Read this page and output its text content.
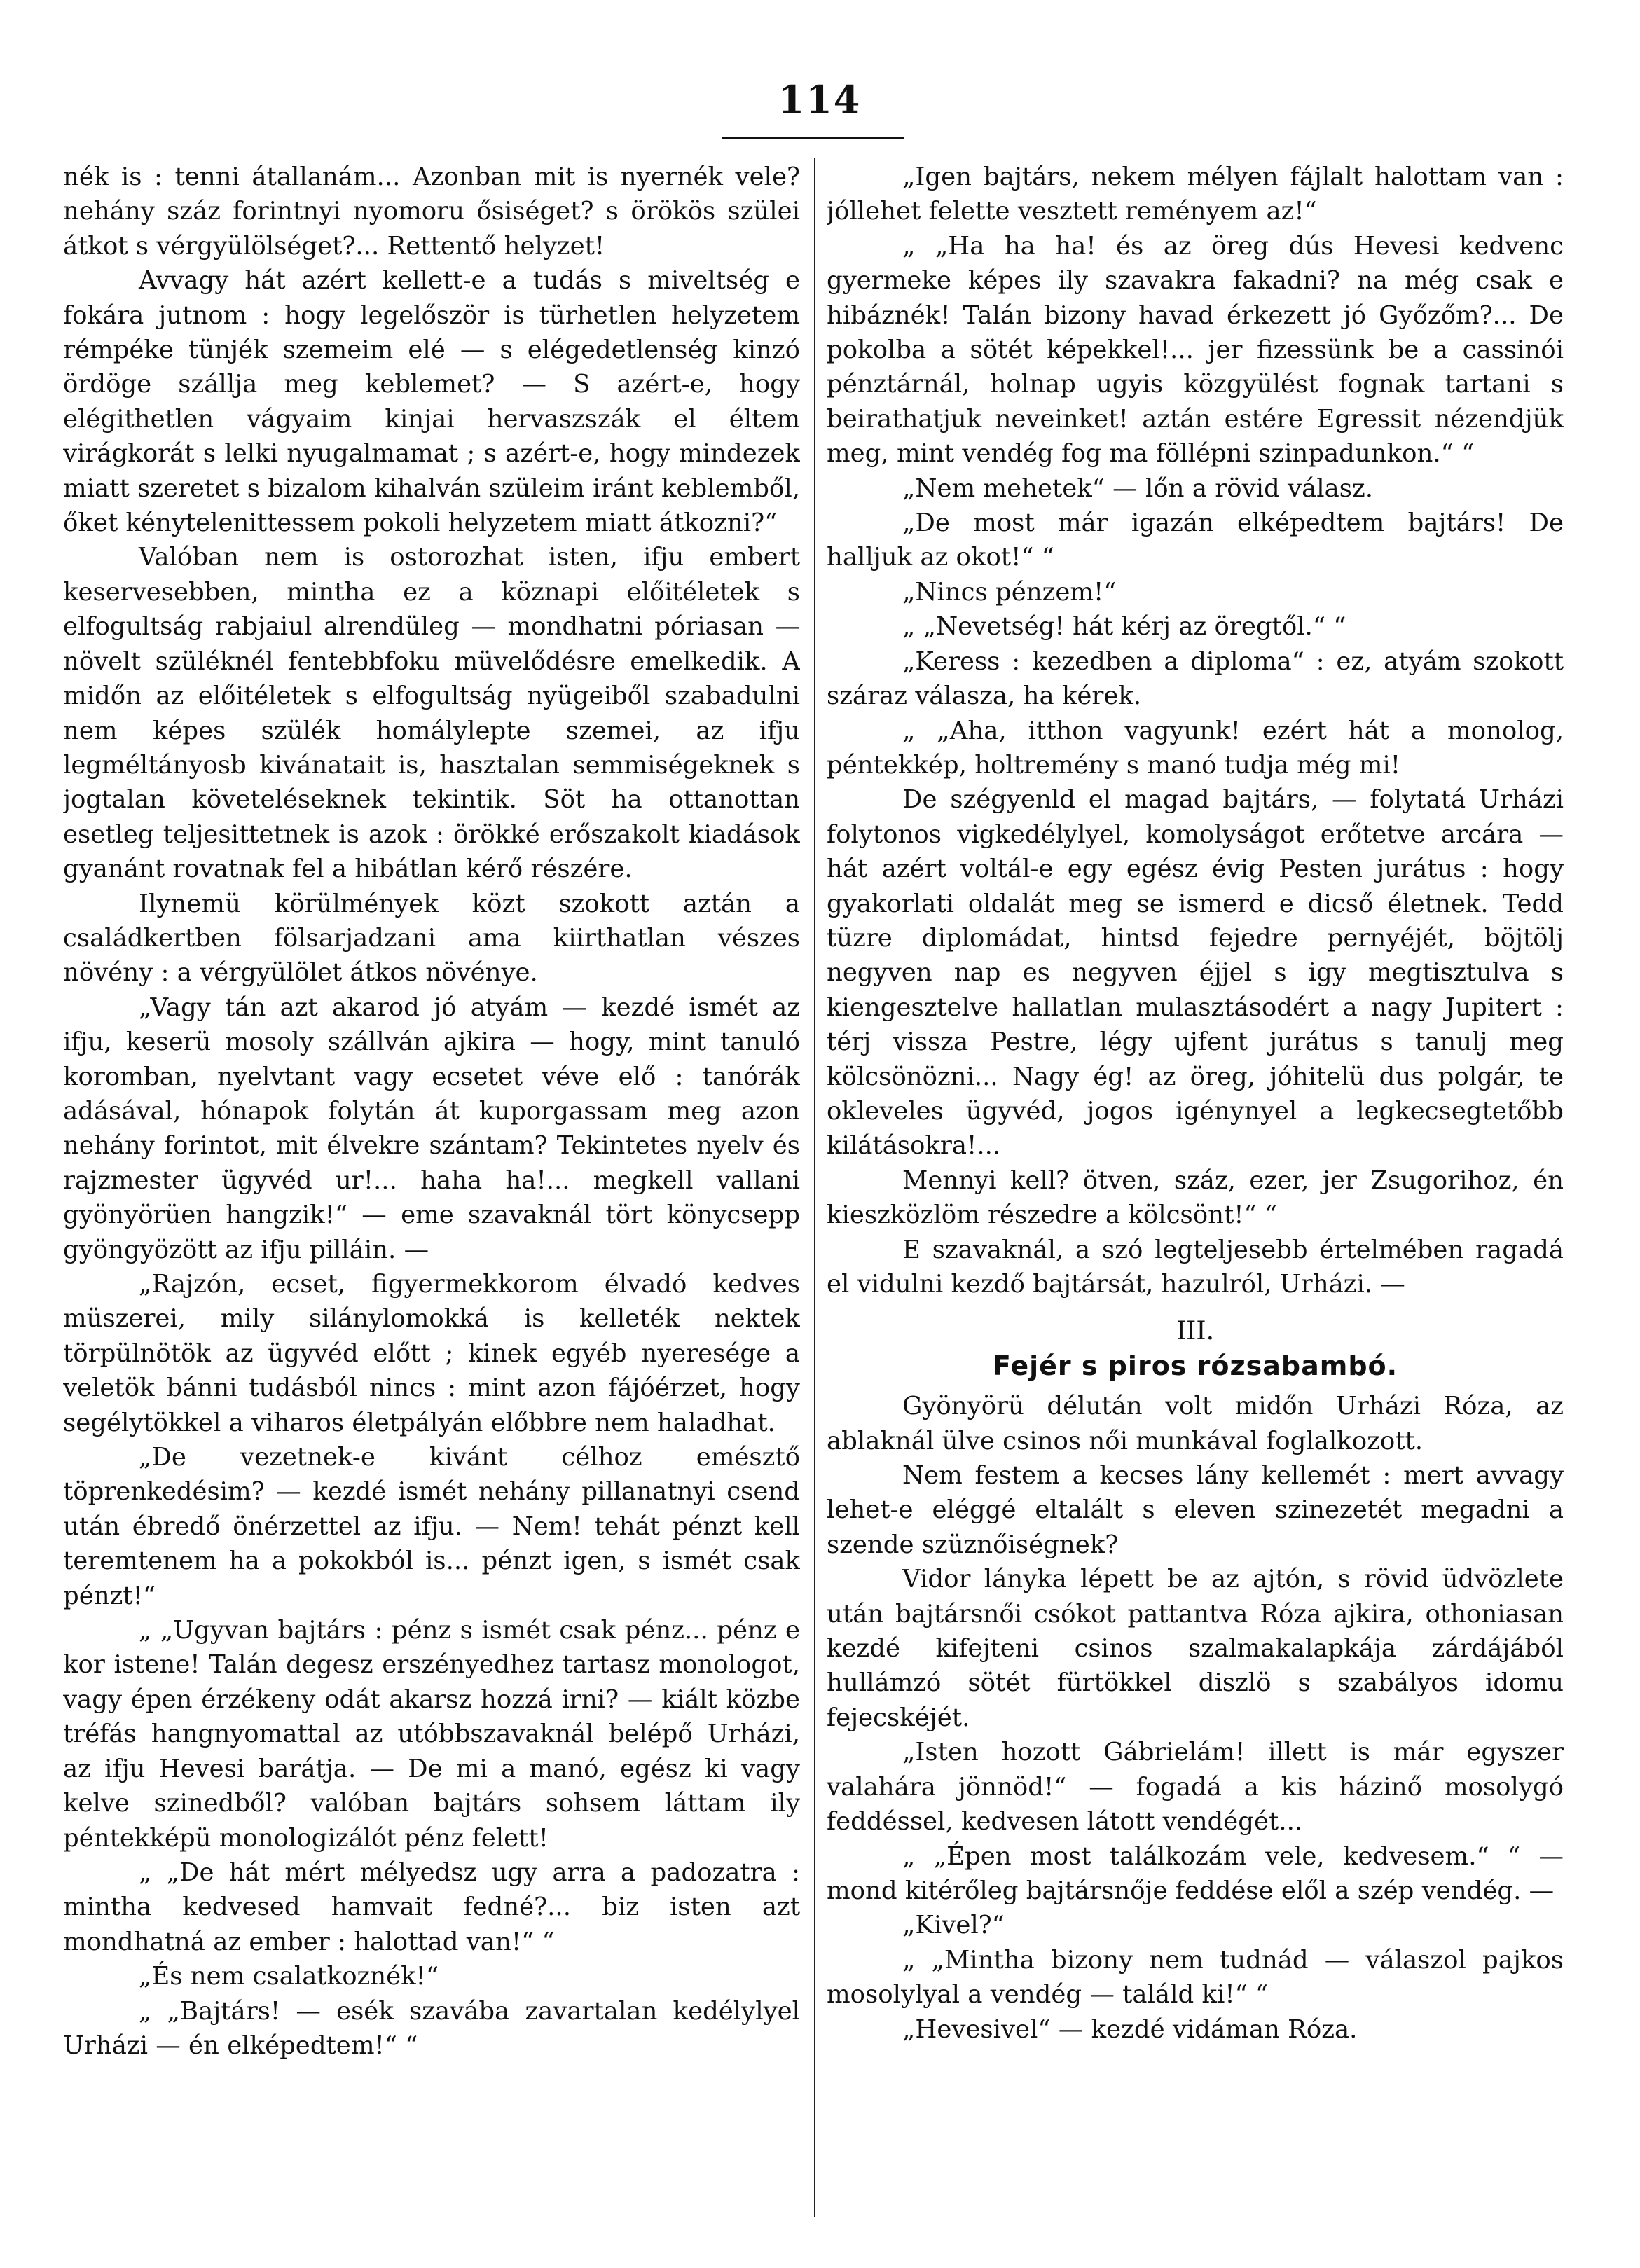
114

nék is : tenni átallanám... Azonban mit is nyernék vele? nehány száz forintnyi nyomoru ősiséget? s örökös szülei átkot s vérgyülölséget?... Rettentő helyzet!

Avvagy hát azért kellett-e a tudás s miveltség e fokára jutnom : hogy legelőször is türhetlen helyzetem rémpéke tünjék szemeim elé — s elégedetlenség kinzó ördöge szállja meg keblemet? — S azért-e, hogy elégithetlen vágyaim kinjai hervaszszák el éltem virágkorát s lelki nyugalmamat ; s azért-e, hogy mindezek miatt szeretet s bizalom kihalván szüleim iránt keblemből, őket kénytelenittessem pokoli helyzetem miatt átkozni?“

Valóban nem is ostorozhat isten, ifju embert keservesebben, mintha ez a köznapi előitéletek s elfogultság rabjaiul alrendüleg — mondhatni póriasan — növelt szüléknél fentebbfoku müvelődésre emelkedik. A midőn az előitéletek s elfogultság nyügeiből szabadulni nem képes szülék homálylepte szemei, az ifju legméltányosb kivánatait is, hasztalan semmiségeknek s jogtalan követeléseknek tekintik. Söt ha ottanottan esetleg teljesittetnek is azok : örökké erőszakolt kiadások gyanánt rovatnak fel a hibátlan kérő részére.

Ilynemü körülmények közt szokott aztán a családkertben fölsarjadzani ama kiirthatlan vészes növény : a vérgyülölet átkos növénye.

„Vagy tán azt akarod jó atyám — kezdé ismét az ifju, keserü mosoly szállván ajkira — hogy, mint tanuló koromban, nyelvtant vagy ecsetet véve elő : tanórák adásával, hónapok folytán át kuporgassam meg azon nehány forintot, mit élvekre szántam? Tekintetes nyelv és rajzmester ügyvéd ur!... haha ha!... megkell vallani gyönyörüen hangzik!“ — eme szavaknál tört könycsepp gyöngyözött az ifju pilláin. —

„Rajzón, ecset, figyermekkorom élvadó kedves müszerei, mily silánylomokká is kelleték nektek törpülnötök az ügyvéd előtt ; kinek egyéb nyeresége a veletök bánni tudásból nincs : mint azon fájóérzet, hogy segélytökkel a viharos életpályán előbbre nem haladhat.

„De vezetnek-e kivánt célhoz emésztő töprenkedésim? — kezdé ismét nehány pillanatnyi csend után ébredő önérzettel az ifju. — Nem! tehát pénzt kell teremtenem ha a pokokból is... pénzt igen, s ismét csak pénzt!“

„ „Ugyvan bajtárs : pénz s ismét csak pénz... pénz e kor istene! Talán degesz erszényedhez tartasz monologot, vagy épen érzékeny odát akarsz hozzá irni? — kiált közbe tréfás hangnyomattal az utóbbszavaknál belépő Urházi, az ifju Hevesi barátja. — De mi a manó, egész ki vagy kelve szinedből? valóban bajtárs sohsem láttam ily péntekképü monologizálót pénz felett!

„ „De hát mért mélyedsz ugy arra a padozatra : mintha kedvesed hamvait fedné?... biz isten azt mondhatná az ember : halottad van!“ “

„És nem csalatkoznék!“

„ „Bajtárs! — esék szavába zavartalan kedélylyel Urházi — én elképedtem!“ “

„Igen bajtárs, nekem mélyen fájlalt halottam van : jóllehet felette vesztett reményem az!“

„ „Ha ha ha! és az öreg dús Hevesi kedvenc gyermeke képes ily szavakra fakadni? na még csak e hibáznék! Talán bizony havad érkezett jó Győzőm?... De pokolba a sötét képekkel!... jer fizessünk be a cassinói pénztárnál, holnap ugyis közgyülést fognak tartani s beirathatjuk neveinket! aztán estére Egressit nézendjük meg, mint vendég fog ma föllépni szinpadunkon.“ “

„Nem mehetek“ — lőn a rövid válasz.

„De most már igazán elképedtem bajtárs! De halljuk az okot!“ “

„Nincs pénzem!“

„ „Nevetség! hát kérj az öregtől.“ “

„Keress : kezedben a diploma“ : ez, atyám szokott száraz válasza, ha kérek.

„ „Aha, itthon vagyunk! ezért hát a monolog, péntekkép, holtremény s manó tudja még mi!

De szégyenld el magad bajtárs, — folytatá Urházi folytonos vigkedélylyel, komolyságot erőtetve arcára — hát azért voltál-e egy egész évig Pesten jurátus : hogy gyakorlati oldalát meg se ismerd e dicső életnek. Tedd tüzre diplomádat, hintsd fejedre pernyéjét, böjtölj negyven nap es negyven éjjel s igy megtisztulva s kiengesztelve hallatlan mulasztásodért a nagy Jupitert : térj vissza Pestre, légy ujfent jurátus s tanulj meg kölcsönözni... Nagy ég! az öreg, jóhitelü dus polgár, te okleveles ügyvéd, jogos igénynyel a legkecsegtetőbb kilátásokra!...

Mennyi kell? ötven, száz, ezer, jer Zsugorihoz, én kieszközlöm részedre a kölcsönt!“ “

E szavaknál, a szó legteljesebb értelmében ragadá el vidulni kezdő bajtársát, hazulról, Urházi. —

III.

Fejér s piros rózsabambó.

Gyönyörü délután volt midőn Urházi Róza, az ablaknál ülve csinos női munkával foglalkozott.

Nem festem a kecses lány kellemét : mert avvagy lehet-e eléggé eltalált s eleven szinezetét megadni a szende szüznőiségnek?

Vidor lányka lépett be az ajtón, s rövid üdvözlete után bajtársnői csókot pattantva Róza ajkira, othoniasan kezdé kifejteni csinos szalmakalapkája zárdájából hullámzó sötét fürtökkel diszlö s szabályos idomu fejecskéjét.

„Isten hozott Gábrielám! illett is már egyszer valahára jönnöd!“ — fogadá a kis házinő mosolygó feddéssel, kedvesen látott vendégét...

„ „Épen most találkozám vele, kedvesem.“ “ — mond kitérőleg bajtársnője feddése elől a szép vendég. —

„Kivel?“

„ „Mintha bizony nem tudnád — válaszol pajkos mosolylyal a vendég — találd ki!“ “

„Hevesivel“ — kezdé vidáman Róza.
